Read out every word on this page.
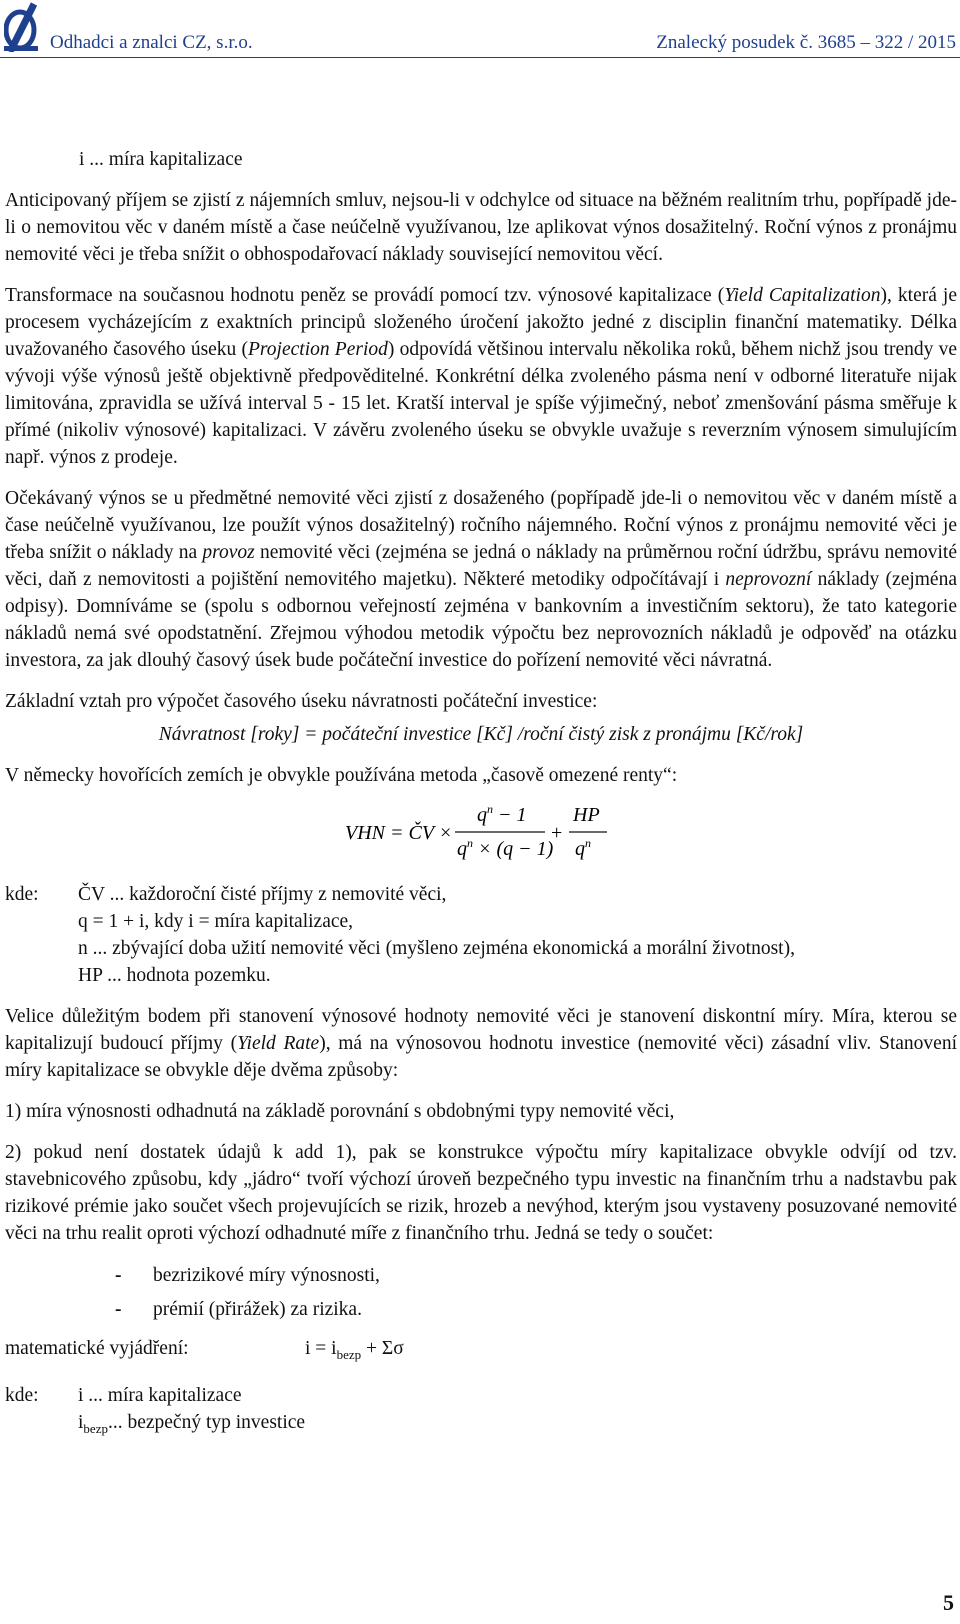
Odhadci a znalci CZ, s.r.o.	Znalecký posudek č. 3685 – 322 / 2015

i ... míra kapitalizace

Anticipovaný příjem se zjistí z nájemních smluv, nejsou-li v odchylce od situace na běžném realitním trhu, popřípadě jde-li o nemovitou věc v daném místě a čase neúčelně využívanou, lze aplikovat výnos dosažitelný. Roční výnos z pronájmu nemovité věci je třeba snížit o obhospodařovací náklady související nemovitou věcí.

Transformace na současnou hodnotu peněz se provádí pomocí tzv. výnosové kapitalizace (Yield Capitalization), která je procesem vycházejícím z exaktních principů složeného úročení jakožto jedné z disciplin finanční matematiky. Délka uvažovaného časového úseku (Projection Period) odpovídá většinou intervalu několika roků, během nichž jsou trendy ve vývoji výše výnosů ještě objektivně předpověditelné. Konkrétní délka zvoleného pásma není v odborné literatuře nijak limitována, zpravidla se užívá interval 5 - 15 let. Kratší interval je spíše výjimečný, neboť zmenšování pásma směřuje k přímé (nikoliv výnosové) kapitalizaci. V závěru zvoleného úseku se obvykle uvažuje s reverzním výnosem simulujícím např. výnos z prodeje.

Očekávaný výnos se u předmětné nemovité věci zjistí z dosaženého (popřípadě jde-li o nemovitou věc v daném místě a čase neúčelně využívanou, lze použít výnos dosažitelný) ročního nájemného. Roční výnos z pronájmu nemovité věci je třeba snížit o náklady na provoz nemovité věci (zejména se jedná o náklady na průměrnou roční údržbu, správu nemovité věci, daň z nemovitosti a pojištění nemovitého majetku). Některé metodiky odpočítávají i neprovozní náklady (zejména odpisy). Domníváme se (spolu s odbornou veřejností zejména v bankovním a investičním sektoru), že tato kategorie nákladů nemá své opodstatnění. Zřejmou výhodou metodik výpočtu bez neprovozních nákladů je odpověď na otázku investora, za jak dlouhý časový úsek bude počáteční investice do pořízení nemovité věci návratná.

Základní vztah pro výpočet časového úseku návratnosti počáteční investice:

Návratnost [roky] = počáteční investice [Kč] /roční čistý zisk z pronájmu [Kč/rok]

V německy hovořících zemích je obvykle používána metoda „časově omezené renty“:

VHN = ČV ×
$q^n - 1$
$q^n \times (q - 1)$
+
HP
$q^n$
kde:	ČV ... každoroční čisté příjmy z nemovité věci,
q = 1 + i, kdy i = míra kapitalizace,
n ... zbývající doba užití nemovité věci (myšleno zejména ekonomická a morální životnost),
HP ... hodnota pozemku.

Velice důležitým bodem při stanovení výnosové hodnoty nemovité věci je stanovení diskontní míry. Míra, kterou se kapitalizují budoucí příjmy (Yield Rate), má na výnosovou hodnotu investice (nemovité věci) zásadní vliv. Stanovení míry kapitalizace se obvykle děje dvěma způsoby:

1) míra výnosnosti odhadnutá na základě porovnání s obdobnými typy nemovité věci,

2) pokud není dostatek údajů k add 1), pak se konstrukce výpočtu míry kapitalizace obvykle odvíjí od tzv. stavebnicového způsobu, kdy „jádro“ tvoří výchozí úroveň bezpečného typu investic na finančním trhu a nadstavbu pak rizikové prémie jako součet všech projevujících se rizik, hrozeb a nevýhod, kterým jsou vystaveny posuzované nemovité věci na trhu realit oproti výchozí odhadnuté míře z finančního trhu. Jedná se tedy o součet:

-	bezrizikové míry výnosnosti,
-	prémií (přirážek) za rizika.
matematické vyjádření:	$i = i_{bezp} + \Sigma\sigma$
kde:	i ... míra kapitalizace
$i_{bezp}$... bezpečný typ investice
5
